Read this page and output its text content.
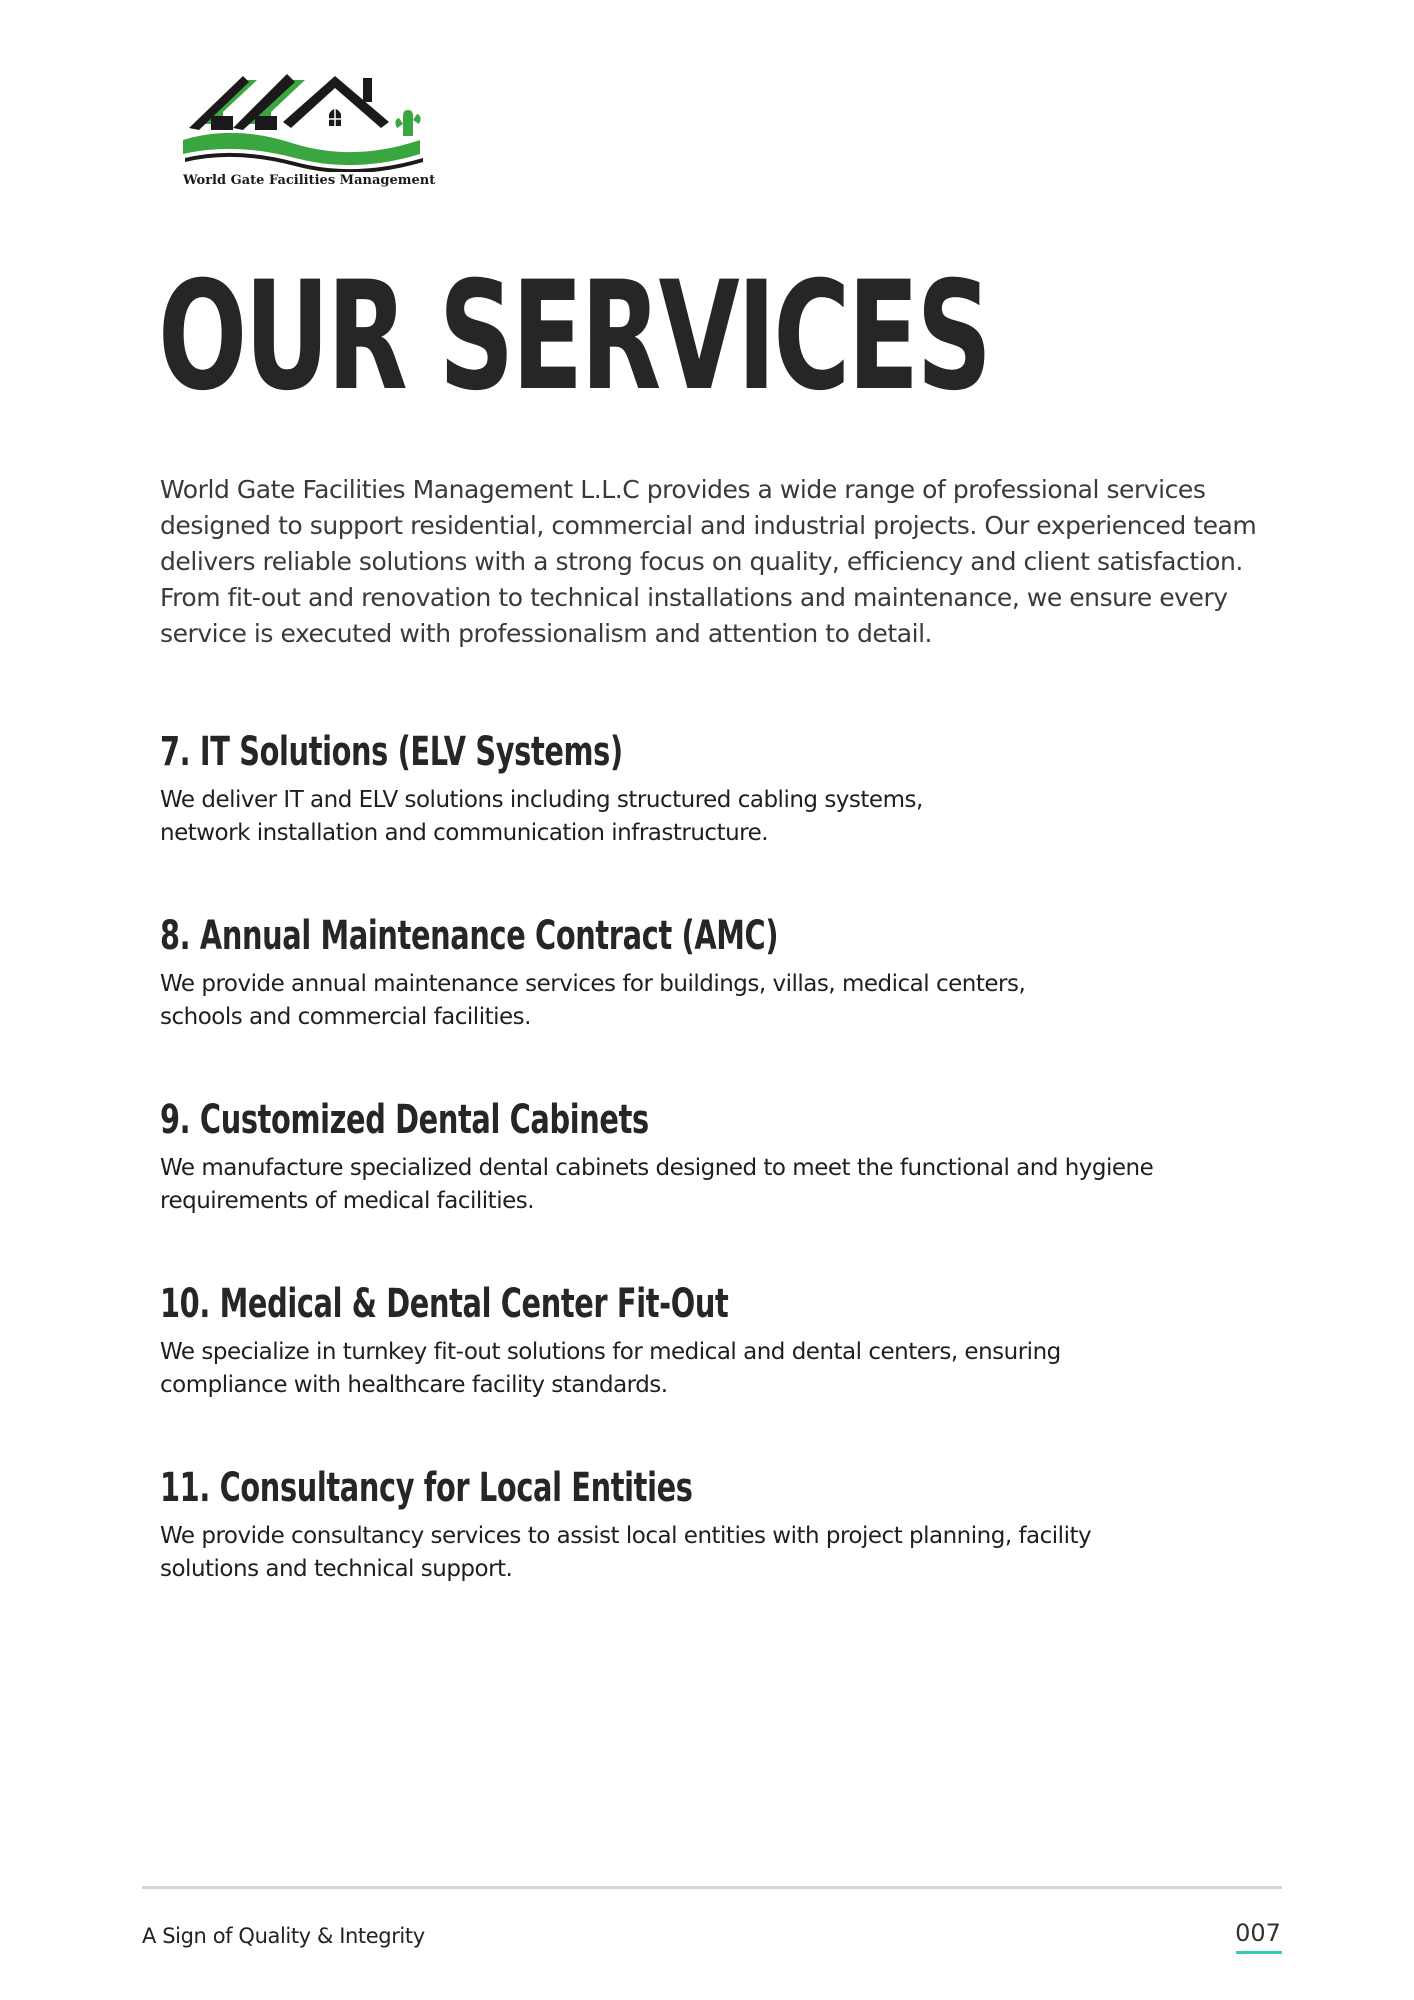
World Gate Facilities Management
OUR SERVICES

World Gate Facilities Management L.L.C provides a wide range of professional services designed to support residential, commercial and industrial projects. Our experienced team delivers reliable solutions with a strong focus on quality, efficiency and client satisfaction. From fit-out and renovation to technical installations and maintenance, we ensure every service is executed with professionalism and attention to detail.

7. IT Solutions (ELV Systems)

We deliver IT and ELV solutions including structured cabling systems,
network installation and communication infrastructure.

8. Annual Maintenance Contract (AMC)

We provide annual maintenance services for buildings, villas, medical centers,
schools and commercial facilities.

9. Customized Dental Cabinets

We manufacture specialized dental cabinets designed to meet the functional and hygiene
requirements of medical facilities.

10. Medical & Dental Center Fit-Out

We specialize in turnkey fit-out solutions for medical and dental centers, ensuring
compliance with healthcare facility standards.

11. Consultancy for Local Entities

We provide consultancy services to assist local entities with project planning, facility
solutions and technical support.

A Sign of Quality & Integrity	007
